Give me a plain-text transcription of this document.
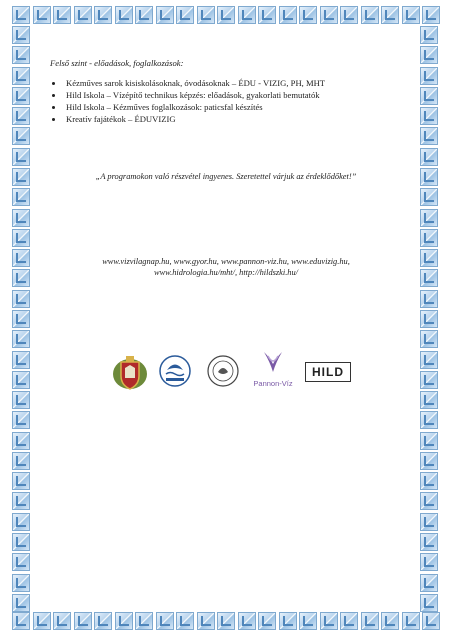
Felső szint - előadások, foglalkozások:

• Kézműves sarok kisiskolásoknak, óvodásoknak – ÉDU - VIZIG, PH, MHT
• Hild Iskola – Vízépítő technikus képzés: előadások, gyakorlati bemutatók
• Hild Iskola – Kézműves foglalkozások: paticsfal készítés
• Kreatív fajátékok – ÉDUVIZIG
„A programokon való részvétel ingyenes. Szeretettel várjuk az érdeklődőket!”
www.vizvilagnap.hu, www.gyor.hu, www.pannon-viz.hu, www.eduvizig.hu,
www.hidrologia.hu/mht/, http://hildszki.hu/
Pannon-Víz
HILD
